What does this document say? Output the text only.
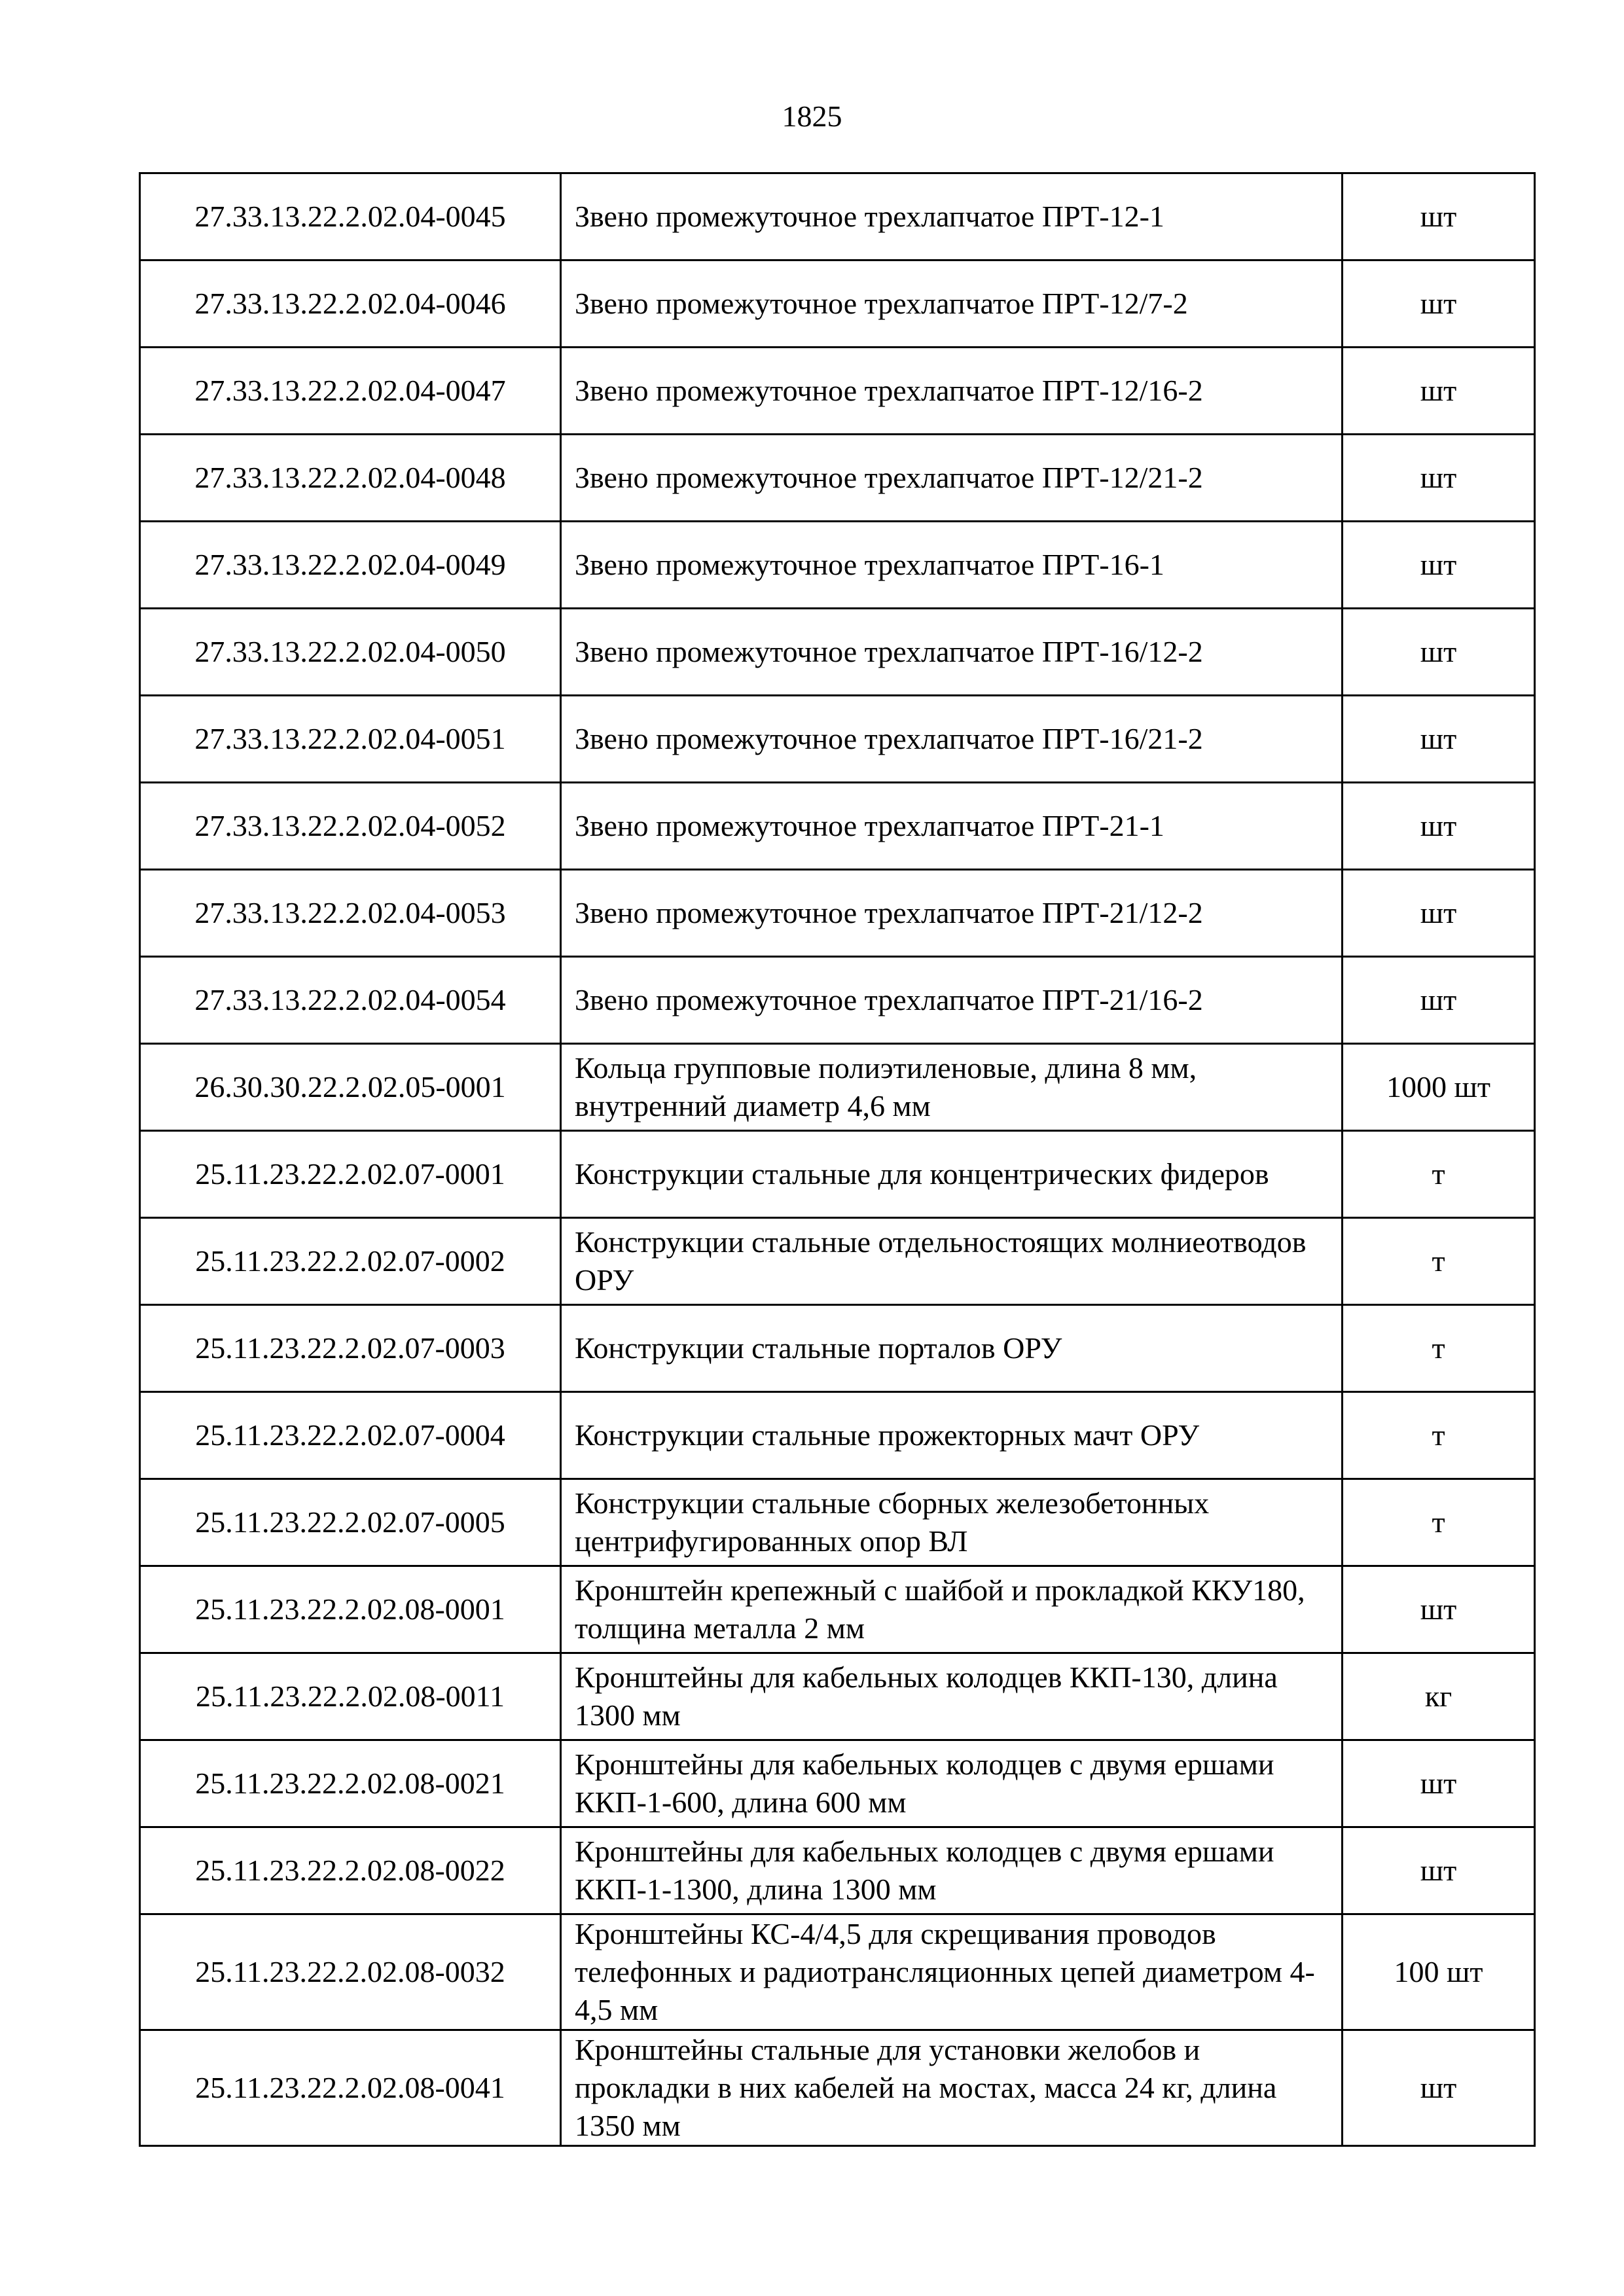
1825
27.33.13.22.2.02.04-0045	Звено промежуточное трехлапчатое ПРТ-12-1	шт
27.33.13.22.2.02.04-0046	Звено промежуточное трехлапчатое ПРТ-12/7-2	шт
27.33.13.22.2.02.04-0047	Звено промежуточное трехлапчатое ПРТ-12/16-2	шт
27.33.13.22.2.02.04-0048	Звено промежуточное трехлапчатое ПРТ-12/21-2	шт
27.33.13.22.2.02.04-0049	Звено промежуточное трехлапчатое ПРТ-16-1	шт
27.33.13.22.2.02.04-0050	Звено промежуточное трехлапчатое ПРТ-16/12-2	шт
27.33.13.22.2.02.04-0051	Звено промежуточное трехлапчатое ПРТ-16/21-2	шт
27.33.13.22.2.02.04-0052	Звено промежуточное трехлапчатое ПРТ-21-1	шт
27.33.13.22.2.02.04-0053	Звено промежуточное трехлапчатое ПРТ-21/12-2	шт
27.33.13.22.2.02.04-0054	Звено промежуточное трехлапчатое ПРТ-21/16-2	шт
26.30.30.22.2.02.05-0001	Кольца групповые полиэтиленовые, длина 8 мм, внутренний диаметр 4,6 мм	1000 шт
25.11.23.22.2.02.07-0001	Конструкции стальные для концентрических фидеров	т
25.11.23.22.2.02.07-0002	Конструкции стальные отдельностоящих молниеотводов ОРУ	т
25.11.23.22.2.02.07-0003	Конструкции стальные порталов ОРУ	т
25.11.23.22.2.02.07-0004	Конструкции стальные прожекторных мачт ОРУ	т
25.11.23.22.2.02.07-0005	Конструкции стальные сборных железобетонных центрифугированных опор ВЛ	т
25.11.23.22.2.02.08-0001	Кронштейн крепежный с шайбой и прокладкой ККУ180, толщина металла 2 мм	шт
25.11.23.22.2.02.08-0011	Кронштейны для кабельных колодцев ККП-130, длина 1300 мм	кг
25.11.23.22.2.02.08-0021	Кронштейны для кабельных колодцев с двумя ершами ККП-1-600, длина 600 мм	шт
25.11.23.22.2.02.08-0022	Кронштейны для кабельных колодцев с двумя ершами ККП-1-1300, длина 1300 мм	шт
25.11.23.22.2.02.08-0032	Кронштейны КС-4/4,5 для скрещивания проводов телефонных и радиотрансляционных цепей диаметром 4-4,5 мм	100 шт
25.11.23.22.2.02.08-0041	Кронштейны стальные для установки желобов и прокладки в них кабелей на мостах, масса 24 кг, длина 1350 мм	шт
